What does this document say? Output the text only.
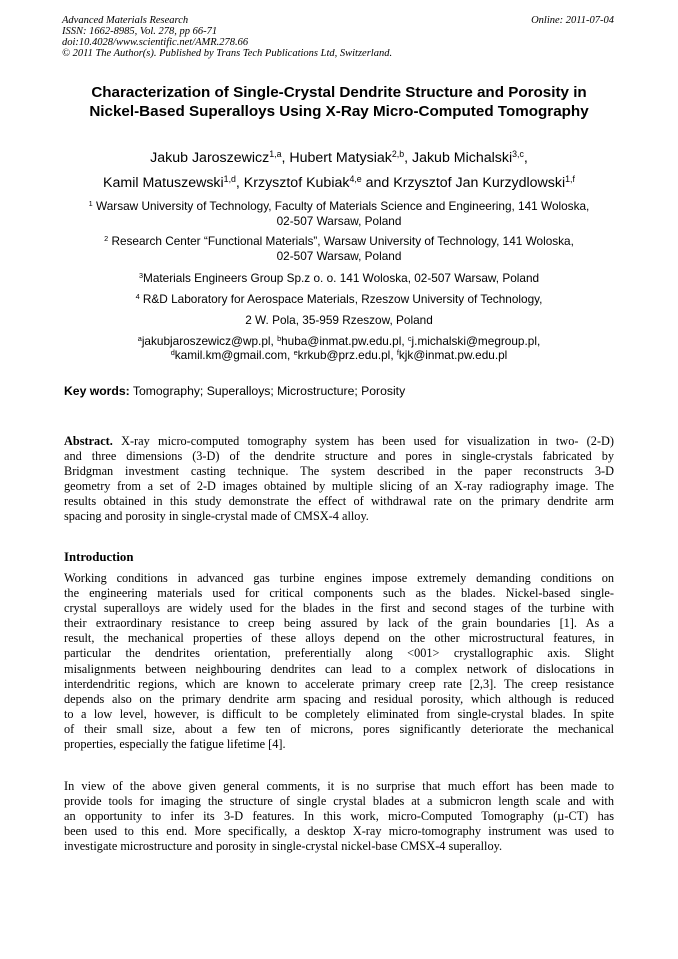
Advanced Materials Research
ISSN: 1662-8985, Vol. 278, pp 66-71
doi:10.4028/www.scientific.net/AMR.278.66
© 2011 The Author(s). Published by Trans Tech Publications Ltd, Switzerland.
Online: 2011-07-04
Characterization of Single-Crystal Dendrite Structure and Porosity in
Nickel-Based Superalloys Using X-Ray Micro-Computed Tomography
Jakub Jaroszewicz$^{1,a}$, Hubert Matysiak$^{2,b}$, Jakub Michalski$^{3,c}$,
Kamil Matuszewski$^{1,d}$, Krzysztof Kubiak$^{4,e}$ and Krzysztof Jan Kurzydlowski$^{1,f}$
$^1$ Warsaw University of Technology, Faculty of Materials Science and Engineering, 141 Woloska,
02-507 Warsaw, Poland
$^2$ Research Center “Functional Materials”, Warsaw University of Technology, 141 Woloska,
02-507 Warsaw, Poland
$^3$Materials Engineers Group Sp.z o. o. 141 Woloska, 02-507 Warsaw, Poland
$^4$ R&D Laboratory for Aerospace Materials, Rzeszow University of Technology,
2 W. Pola, 35-959 Rzeszow, Poland
$^a$jakubjaroszewicz@wp.pl, $^b$huba@inmat.pw.edu.pl, $^c$j.michalski@megroup.pl,
$^d$kamil.km@gmail.com, $^e$krkub@prz.edu.pl, $^f$kjk@inmat.pw.edu.pl
Key words: Tomography; Superalloys; Microstructure; Porosity
Abstract. X-ray micro-computed tomography system has been used for visualization in two- (2-D)
and three dimensions (3-D) of the dendrite structure and pores in single-crystals fabricated by
Bridgman investment casting technique. The system described in the paper reconstructs 3-D
geometry from a set of 2-D images obtained by multiple slicing of an X-ray radiography image. The
results obtained in this study demonstrate the effect of withdrawal rate on the primary dendrite arm
spacing and porosity in single-crystal made of CMSX-4 alloy.
Introduction
Working conditions in advanced gas turbine engines impose extremely demanding conditions on
the engineering materials used for critical components such as the blades. Nickel-based single-
crystal superalloys are widely used for the blades in the first and second stages of the turbine with
their extraordinary resistance to creep being assured by lack of the grain boundaries [1]. As a
result, the mechanical properties of these alloys depend on the other microstructural features, in
particular the dendrites orientation, preferentially along <001> crystallographic axis. Slight
misalignments between neighbouring dendrites can lead to a complex network of dislocations in
interdendritic regions, which are known to accelerate primary creep rate [2,3]. The creep resistance
depends also on the primary dendrite arm spacing and residual porosity, which although is reduced
to a low level, however, is difficult to be completely eliminated from single-crystal blades. In spite
of their small size, about a few ten of microns, pores significantly deteriorate the mechanical
properties, especially the fatigue lifetime [4].
In view of the above given general comments, it is no surprise that much effort has been made to
provide tools for imaging the structure of single crystal blades at a submicron length scale and with
an opportunity to infer its 3-D features. In this work, micro-Computed Tomography (µ-CT) has
been used to this end. More specifically, a desktop X-ray micro-tomography instrument was used to
investigate microstructure and porosity in single-crystal nickel-base CMSX-4 superalloy.
